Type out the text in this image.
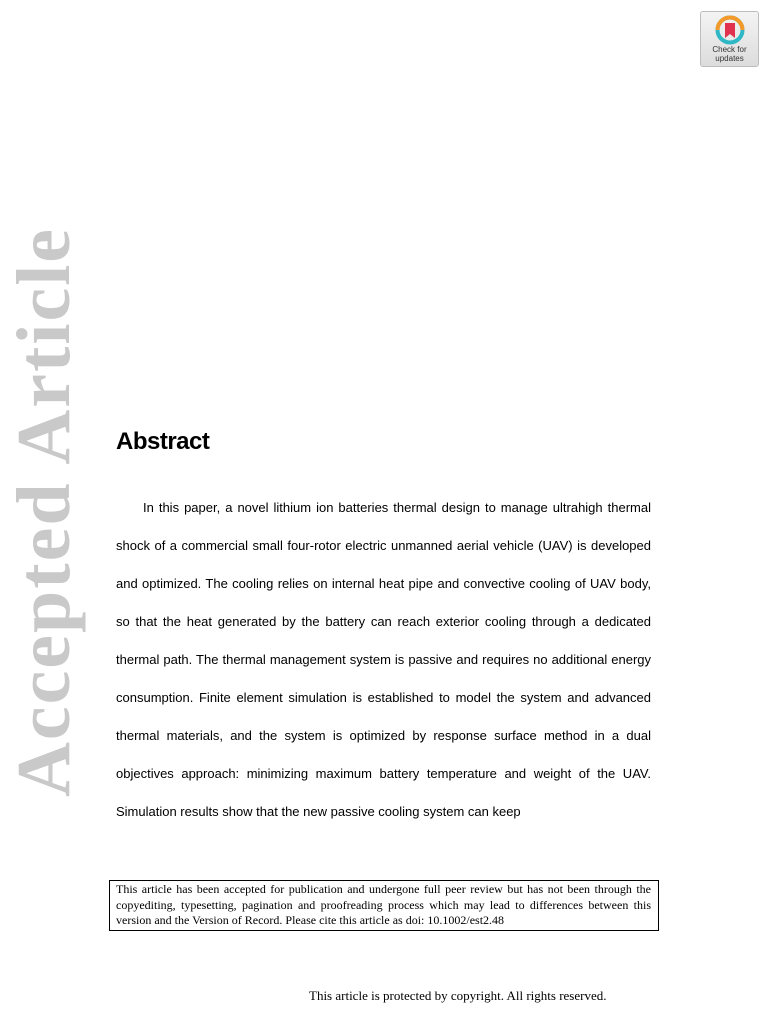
Accepted Article
Check for
updates
Abstract

In this paper, a novel lithium ion batteries thermal design to manage ultrahigh thermal shock of a commercial small four-rotor electric unmanned aerial vehicle (UAV) is developed and optimized. The cooling relies on internal heat pipe and convective cooling of UAV body, so that the heat generated by the battery can reach exterior cooling through a dedicated thermal path. The thermal management system is passive and requires no additional energy consumption. Finite element simulation is established to model the system and advanced thermal materials, and the system is optimized by response surface method in a dual objectives approach: minimizing maximum battery temperature and weight of the UAV. Simulation results show that the new passive cooling system can keep

This article has been accepted for publication and undergone full peer review but has not been through the copyediting, typesetting, pagination and proofreading process which may lead to differences between this version and the Version of Record. Please cite this article as doi: 10.1002/est2.48
This article is protected by copyright. All rights reserved.
